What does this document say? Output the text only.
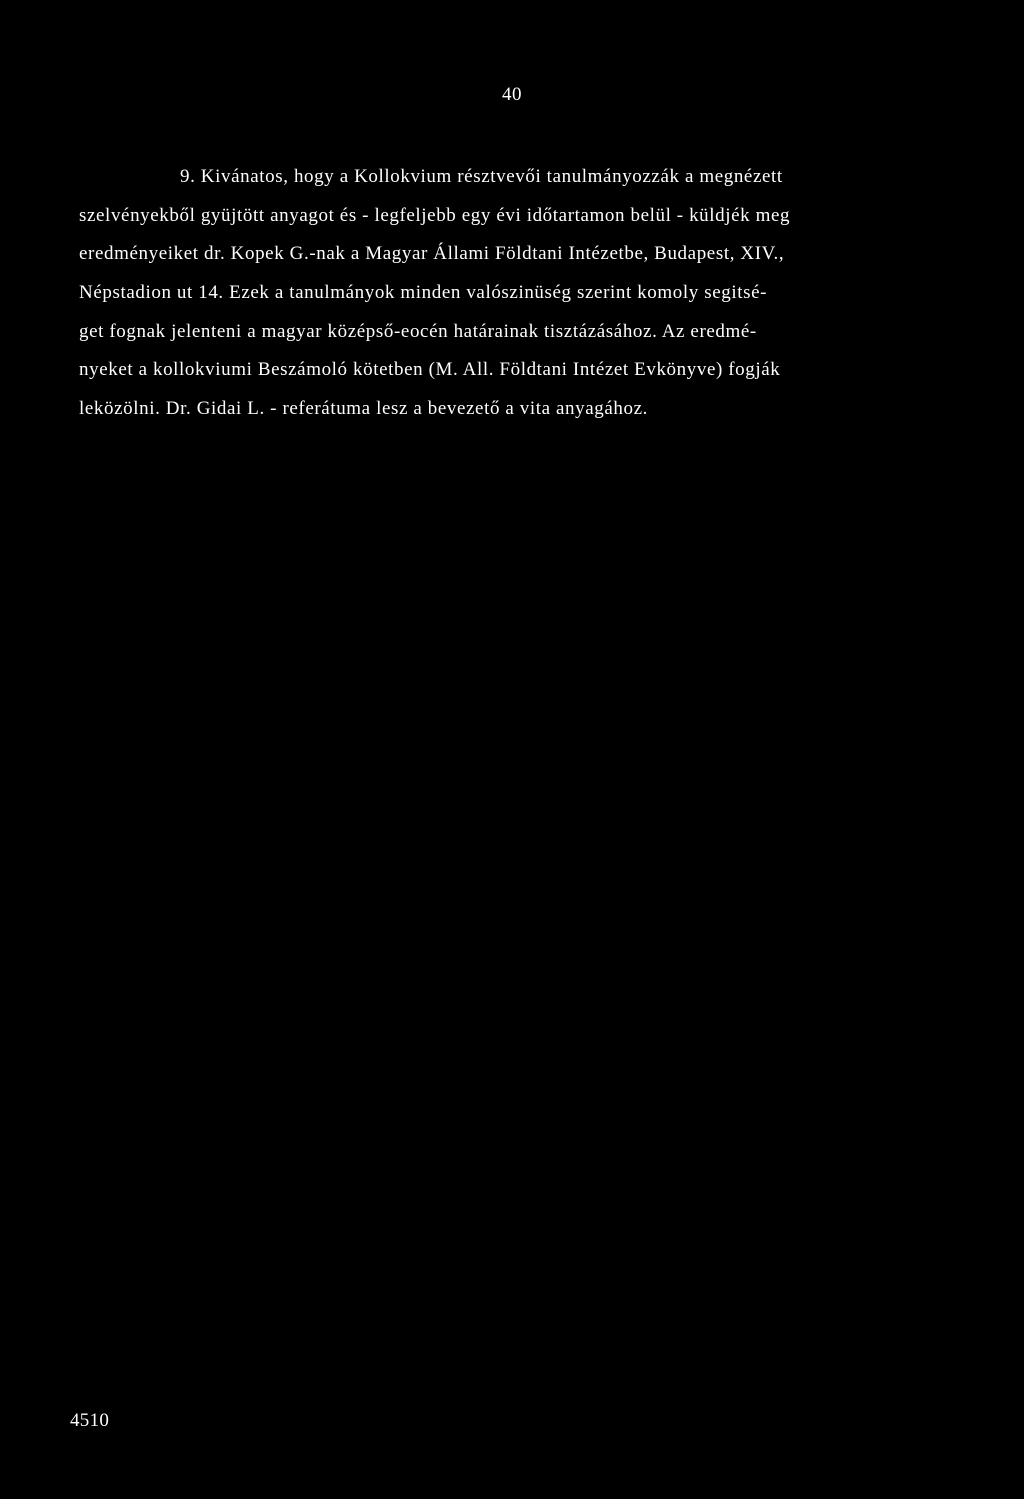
40
9. Kivánatos, hogy a Kollokvium résztvevői tanulmányozzák a megnézett
szelvényekből gyüjtött anyagot és - legfeljebb egy évi időtartamon belül - küldjék meg
eredményeiket dr. Kopek G.-nak a Magyar Állami Földtani Intézetbe, Budapest, XIV.,
Népstadion ut 14. Ezek a tanulmányok minden valószinüség szerint komoly segitsé-
get fognak jelenteni a magyar középső-eocén határainak tisztázásához. Az eredmé-
nyeket a kollokviumi Beszámoló kötetben (M. All. Földtani Intézet Evkönyve) fogják
leközölni. Dr. Gidai L. - referátuma lesz a bevezető a vita anyagához.
4510
